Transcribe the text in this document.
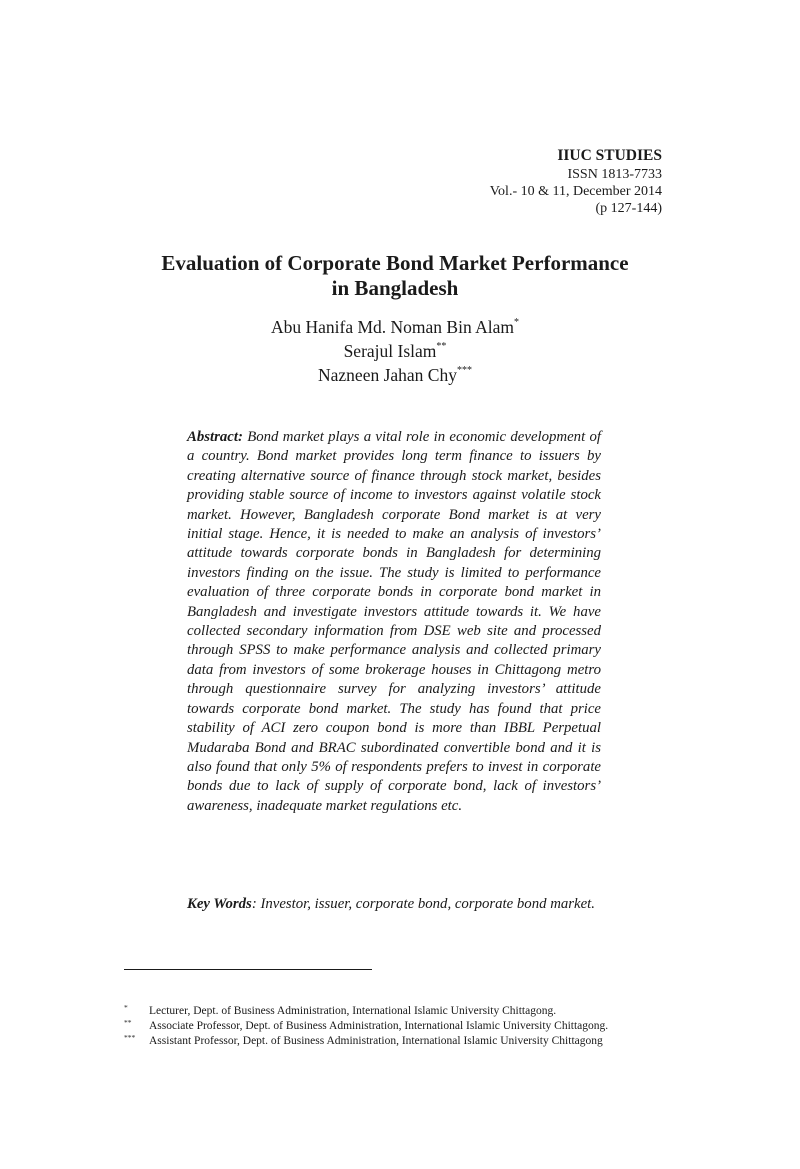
IIUC STUDIES
ISSN 1813-7733
Vol.- 10 & 11, December 2014
(p 127-144)
Evaluation of Corporate Bond Market Performance
in Bangladesh
Abu Hanifa Md. Noman Bin Alam*
Serajul Islam**
Nazneen Jahan Chy***

Abstract: Bond market plays a vital role in economic development of a country. Bond market provides long term finance to issuers by creating alternative source of finance through stock market, besides providing stable source of income to investors against volatile stock market. However, Bangladesh corporate Bond market is at very initial stage. Hence, it is needed to make an analysis of investors’ attitude towards corporate bonds in Bangladesh for determining investors finding on the issue. The study is limited to performance evaluation of three corporate bonds in corporate bond market in Bangladesh and investigate investors attitude towards it. We have collected secondary information from DSE web site and processed through SPSS to make performance analysis and collected primary data from investors of some brokerage houses in Chittagong metro through questionnaire survey for analyzing investors’ attitude towards corporate bond market. The study has found that price stability of ACI zero coupon bond is more than IBBL Perpetual Mudaraba Bond and BRAC subordinated convertible bond and it is also found that only 5% of respondents prefers to invest in corporate bonds due to lack of supply of corporate bond, lack of investors’ awareness, inadequate market regulations etc.

Key Words: Investor, issuer, corporate bond, corporate bond market.

* Lecturer, Dept. of Business Administration, International Islamic University Chittagong.
** Associate Professor, Dept. of Business Administration, International Islamic University Chittagong.
*** Assistant Professor, Dept. of Business Administration, International Islamic University Chittagong
